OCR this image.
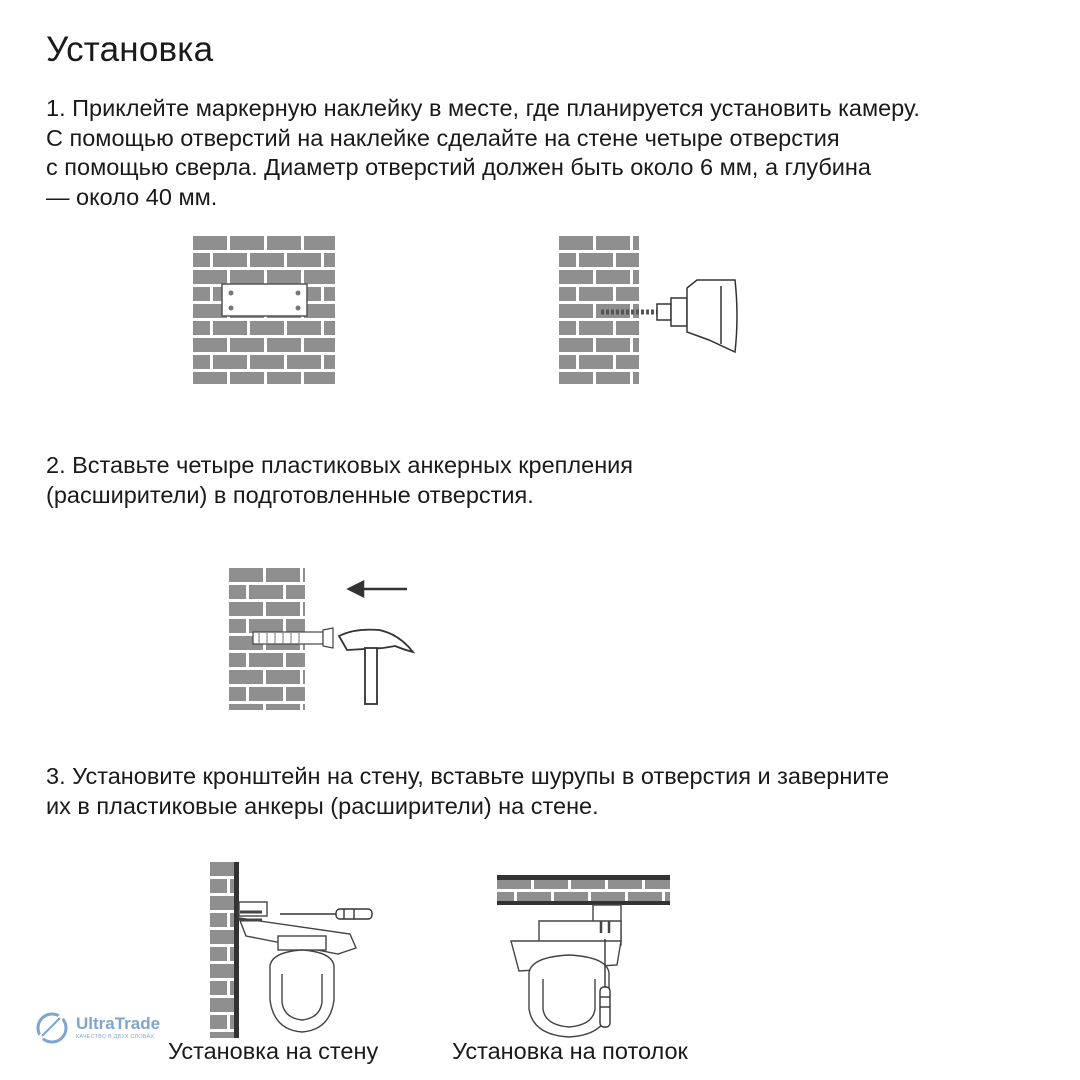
Установка
1. Приклейте маркерную наклейку в месте, где планируется установить камеру.
С помощью отверстий на наклейке сделайте на стене четыре отверстия
с помощью сверла. Диаметр отверстий должен быть около 6 мм, а глубина
— около 40 мм.
2. Вставьте четыре пластиковых анкерных крепления
(расширители) в подготовленные отверстия.
3. Установите кронштейн на стену, вставьте шурупы в отверстия и заверните
их в пластиковые анкеры (расширители) на стене.
Установка на стену	Установка на потолок
UltraTrade
КАЧЕСТВО В ДВУХ СЛОВАХ
